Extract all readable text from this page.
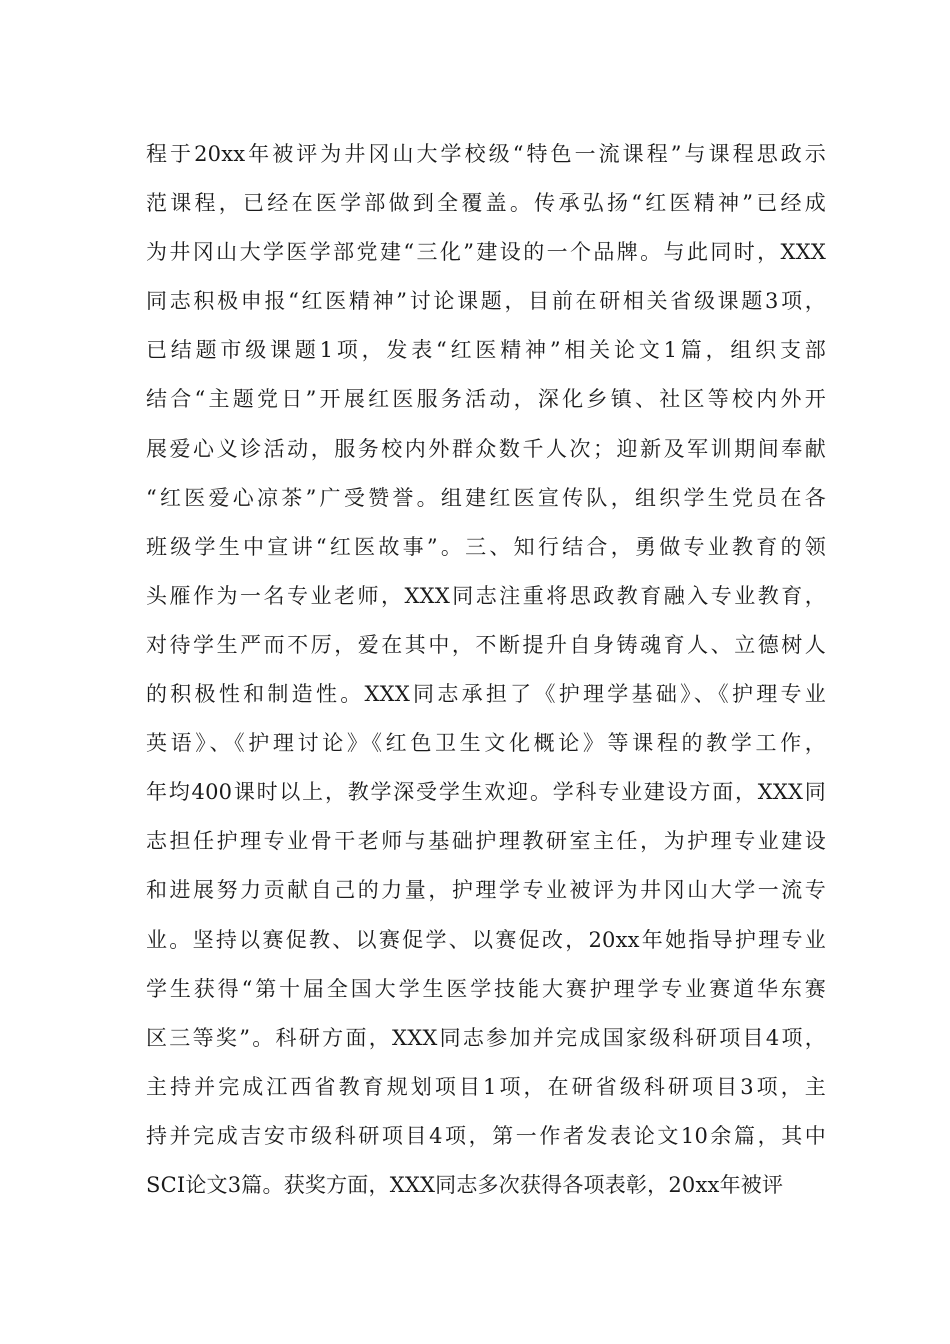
程于20xx年被评为井冈山大学校级“特色一流课程”与课程思政示
范课程，已经在医学部做到全覆盖。传承弘扬“红医精神”已经成
为井冈山大学医学部党建“三化”建设的一个品牌。与此同时，XXX
同志积极申报“红医精神”讨论课题，目前在研相关省级课题3项，
已结题市级课题1项，发表“红医精神”相关论文1篇，组织支部
结合“主题党日”开展红医服务活动，深化乡镇、社区等校内外开
展爱心义诊活动，服务校内外群众数千人次；迎新及军训期间奉献
“红医爱心凉茶”广受赞誉。组建红医宣传队，组织学生党员在各
班级学生中宣讲“红医故事”。三、知行结合，勇做专业教育的领
头雁作为一名专业老师，XXX同志注重将思政教育融入专业教育，
对待学生严而不厉，爱在其中，不断提升自身铸魂育人、立德树人
的积极性和制造性。XXX同志承担了《护理学基础》、《护理专业
英语》、《护理讨论》《红色卫生文化概论》等课程的教学工作，
年均400课时以上，教学深受学生欢迎。学科专业建设方面，XXX同
志担任护理专业骨干老师与基础护理教研室主任，为护理专业建设
和进展努力贡献自己的力量，护理学专业被评为井冈山大学一流专
业。坚持以赛促教、以赛促学、以赛促改，20xx年她指导护理专业
学生获得“第十届全国大学生医学技能大赛护理学专业赛道华东赛
区三等奖”。科研方面，XXX同志参加并完成国家级科研项目4项，
主持并完成江西省教育规划项目1项，在研省级科研项目3项，主
持并完成吉安市级科研项目4项，第一作者发表论文10余篇，其中
SCI论文3篇。获奖方面，XXX同志多次获得各项表彰，20xx年被评
